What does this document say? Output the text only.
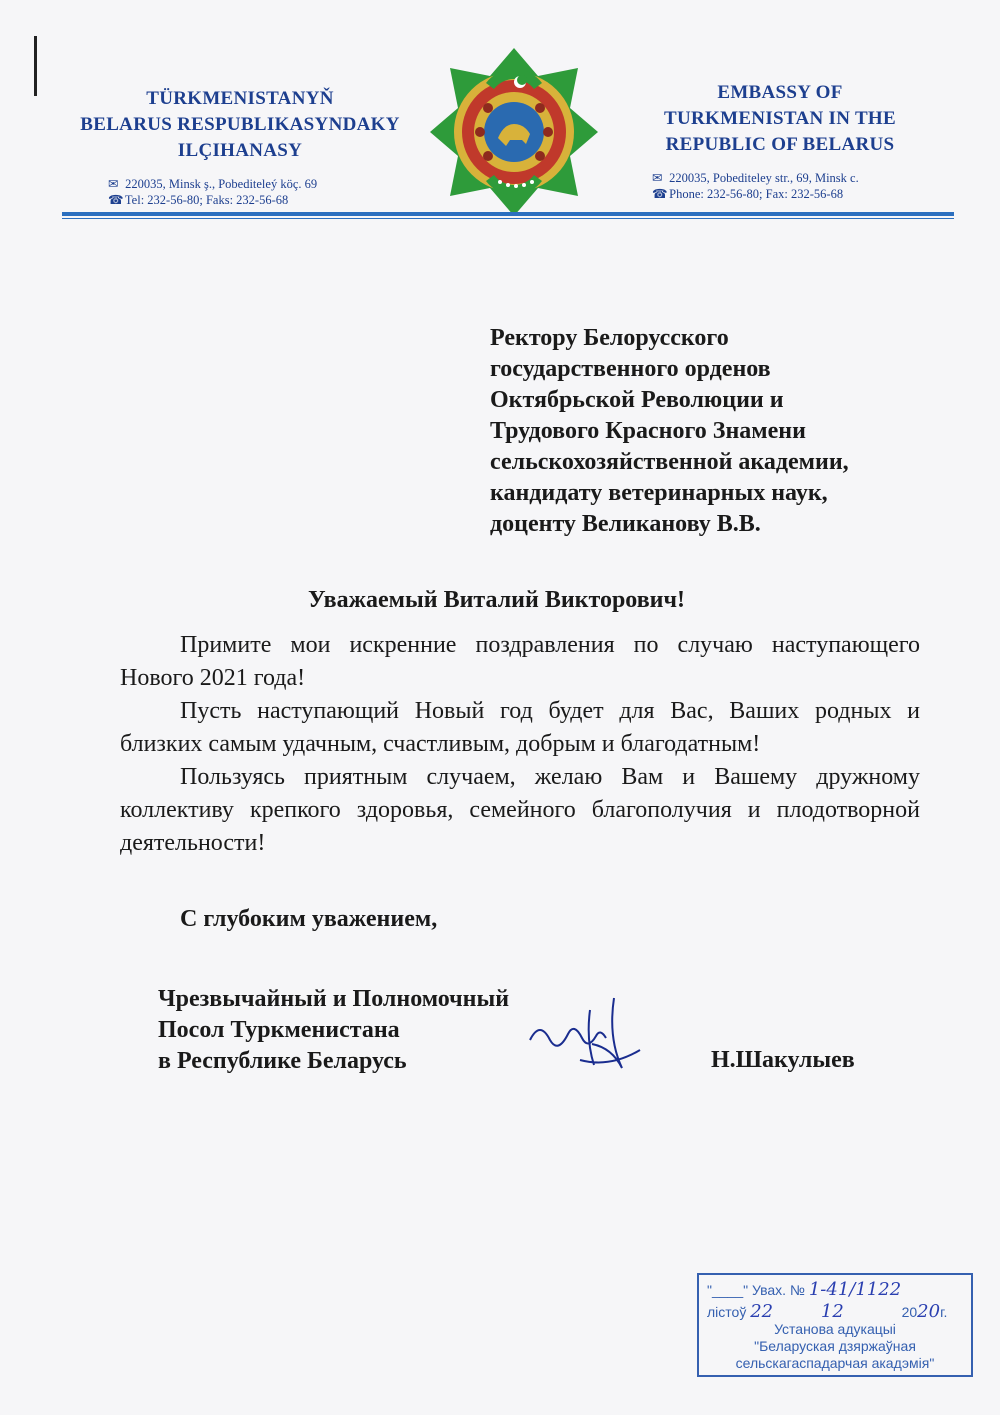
TÜRKMENISTANYŇ
BELARUS RESPUBLIKASYNDAKY
ILÇIHANASY
✉ 220035, Minsk ş., Pobediteleý köç. 69
☎ Tel: 232-56-80; Faks: 232-56-68
EMBASSY OF
TURKMENISTAN IN THE
REPUBLIC OF BELARUS
✉ 220035, Pobediteley str., 69, Minsk c.
☎ Phone: 232-56-80; Fax: 232-56-68
Ректору Белорусского
государственного орденов
Октябрьской Революции и
Трудового Красного Знамени
сельскохозяйственной академии,
кандидату ветеринарных наук,
доценту Великанову В.В.
Уважаемый Виталий Викторович!

Примите мои искренние поздравления по случаю наступающего Нового 2021 года!

Пусть наступающий Новый год будет для Вас, Ваших родных и близких самым удачным, счастливым, добрым и благодатным!

Пользуясь приятным случаем, желаю Вам и Вашему дружному коллективу крепкого здоровья, семейного благополучия и плодотворной деятельности!

С глубоким уважением,
Чрезвычайный и Полномочный
Посол Туркменистана
в Республике Беларусь	Н.Шакулыев
"____" Увах. № 1-41/1122
лістоў 22	12	2020г.
Установа адукацыі
"Беларуская дзяржаўная
сельскагаспадарчая акадэмія"
